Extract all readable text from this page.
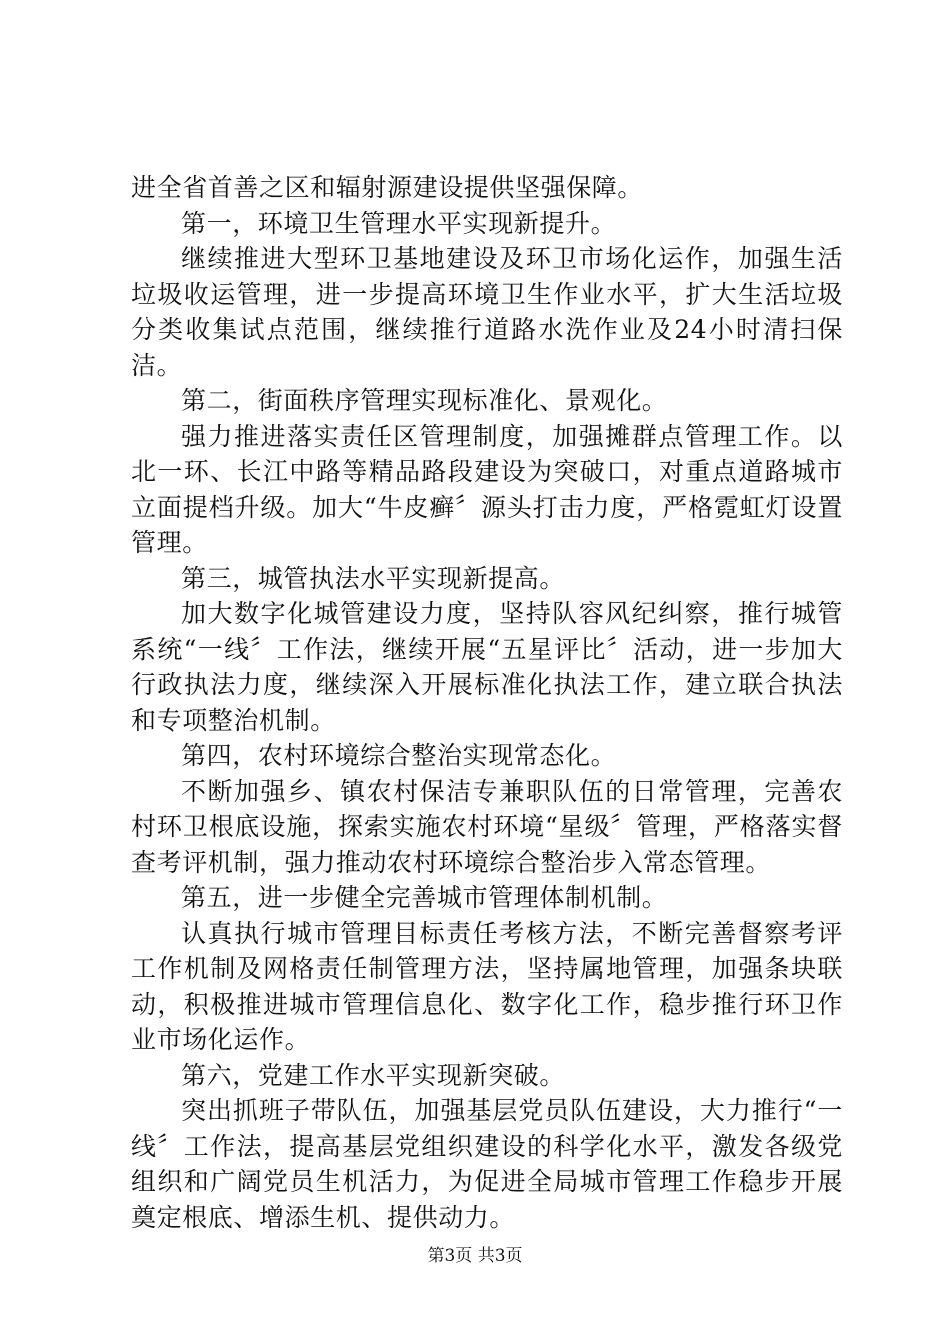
进全省首善之区和辐射源建设提供坚强保障。

第一，环境卫生管理水平实现新提升。

继续推进大型环卫基地建设及环卫市场化运作，加强生活垃圾收运管理，进一步提高环境卫生作业水平，扩大生活垃圾分类收集试点范围，继续推行道路水洗作业及24小时清扫保洁。

第二，街面秩序管理实现标准化、景观化。

强力推进落实责任区管理制度，加强摊群点管理工作。以北一环、长江中路等精品路段建设为突破口，对重点道路城市立面提档升级。加大“牛皮癣〞源头打击力度，严格霓虹灯设置管理。

第三，城管执法水平实现新提高。

加大数字化城管建设力度，坚持队容风纪纠察，推行城管系统“一线〞工作法，继续开展“五星评比〞活动，进一步加大行政执法力度，继续深入开展标准化执法工作，建立联合执法和专项整治机制。

第四，农村环境综合整治实现常态化。

不断加强乡、镇农村保洁专兼职队伍的日常管理，完善农村环卫根底设施，探索实施农村环境“星级〞管理，严格落实督查考评机制，强力推动农村环境综合整治步入常态管理。

第五，进一步健全完善城市管理体制机制。

认真执行城市管理目标责任考核方法，不断完善督察考评工作机制及网格责任制管理方法，坚持属地管理，加强条块联动，积极推进城市管理信息化、数字化工作，稳步推行环卫作业市场化运作。

第六，党建工作水平实现新突破。

突出抓班子带队伍，加强基层党员队伍建设，大力推行“一线〞工作法，提高基层党组织建设的科学化水平，激发各级党组织和广阔党员生机活力，为促进全局城市管理工作稳步开展奠定根底、增添生机、提供动力。

第3页 共3页
